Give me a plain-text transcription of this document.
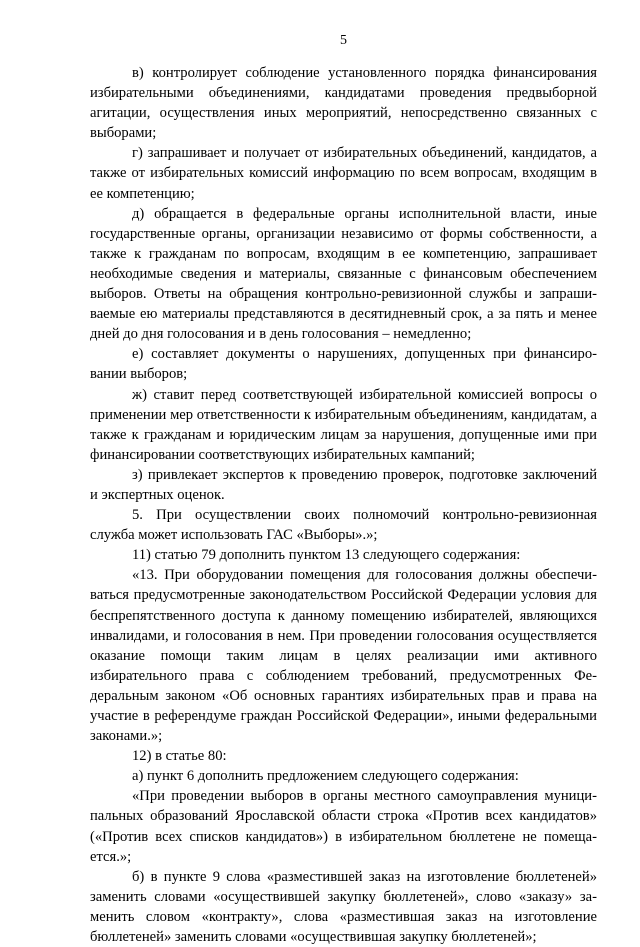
5

в) контролирует соблюдение установленного порядка финансирования избирательными объединениями, кандидатами проведения предвыборной агитации, осуществления иных мероприятий, непосредственно связанных с выборами;

г) запрашивает и получает от избирательных объединений, кандидатов, а также от избирательных комиссий информацию по всем вопросам, входящим в ее компетенцию;

д) обращается в федеральные органы исполнительной власти, иные государственные органы, организации независимо от формы собственности, а также к гражданам по вопросам, входящим в ее компетенцию, запрашивает необходимые сведения и материалы, связанные с финансовым обеспечением выборов. Ответы на обращения контрольно-ревизионной службы и запрашиваемые ею материалы представляются в десятидневный срок, а за пять и менее дней до дня голосования и в день голосования – немедленно;

е) составляет документы о нарушениях, допущенных при финансировании выборов;

ж) ставит перед соответствующей избирательной комиссией вопросы о применении мер ответственности к избирательным объединениям, кандидатам, а также к гражданам и юридическим лицам за нарушения, допущенные ими при финансировании соответствующих избирательных кампаний;

з) привлекает экспертов к проведению проверок, подготовке заключений и экспертных оценок.

5. При осуществлении своих полномочий контрольно-ревизионная служба может использовать ГАС «Выборы».»;

11) статью 79 дополнить пунктом 13 следующего содержания:

«13. При оборудовании помещения для голосования должны обеспечиваться предусмотренные законодательством Российской Федерации условия для беспрепятственного доступа к данному помещению избирателей, являющихся инвалидами, и голосования в нем. При проведении голосования осуществляется оказание помощи таким лицам в целях реализации ими активного избирательного права с соблюдением требований, предусмотренных Федеральным законом «Об основных гарантиях избирательных прав и права на участие в референдуме граждан Российской Федерации», иными федеральными законами.»;

12) в статье 80:

а) пункт 6 дополнить предложением следующего содержания:

«При проведении выборов в органы местного самоуправления муниципальных образований Ярославской области строка «Против всех кандидатов» («Против всех списков кандидатов») в избирательном бюллетене не помещается.»;

б) в пункте 9 слова «разместившей заказ на изготовление бюллетеней» заменить словами «осуществившей закупку бюллетеней», слово «заказу» заменить словом «контракту», слова «разместившая заказ на изготовление бюллетеней» заменить словами «осуществившая закупку бюллетеней»;
